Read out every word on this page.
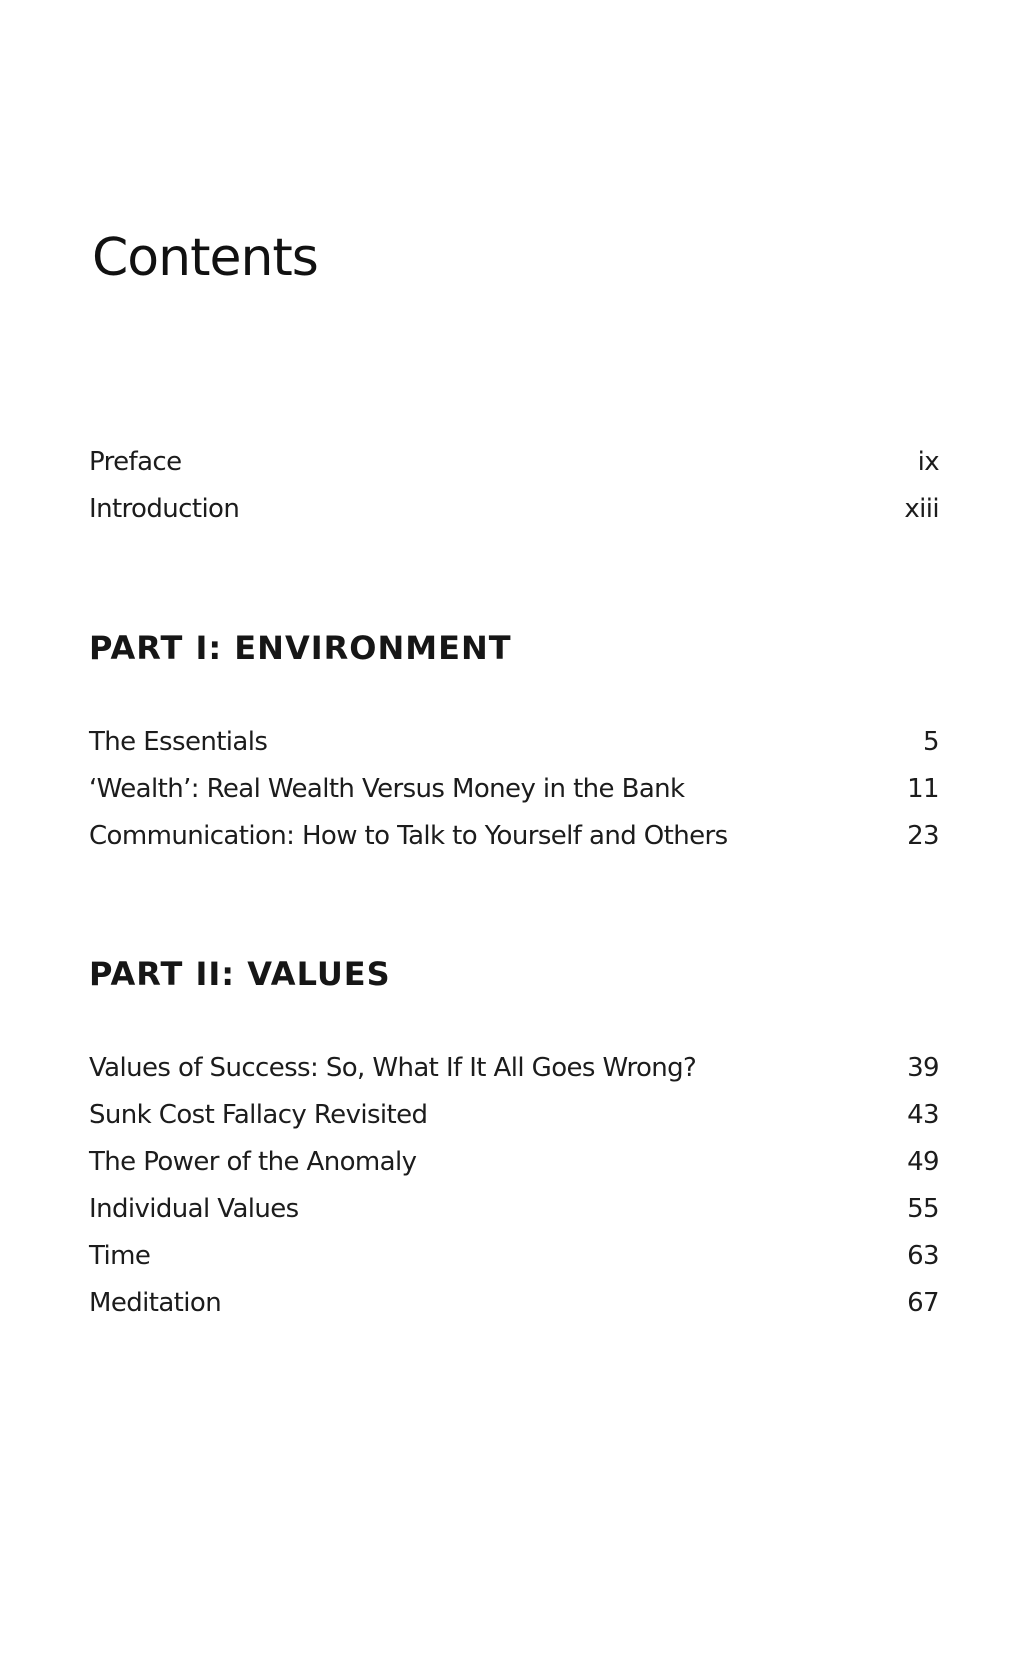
Contents
Preface	ix
Introduction	xiii
PART I: ENVIRONMENT
The Essentials	5
‘Wealth’: Real Wealth Versus Money in the Bank	11
Communication: How to Talk to Yourself and Others	23
PART II: VALUES
Values of Success: So, What If It All Goes Wrong?	39
Sunk Cost Fallacy Revisited	43
The Power of the Anomaly	49
Individual Values	55
Time	63
Meditation	67
